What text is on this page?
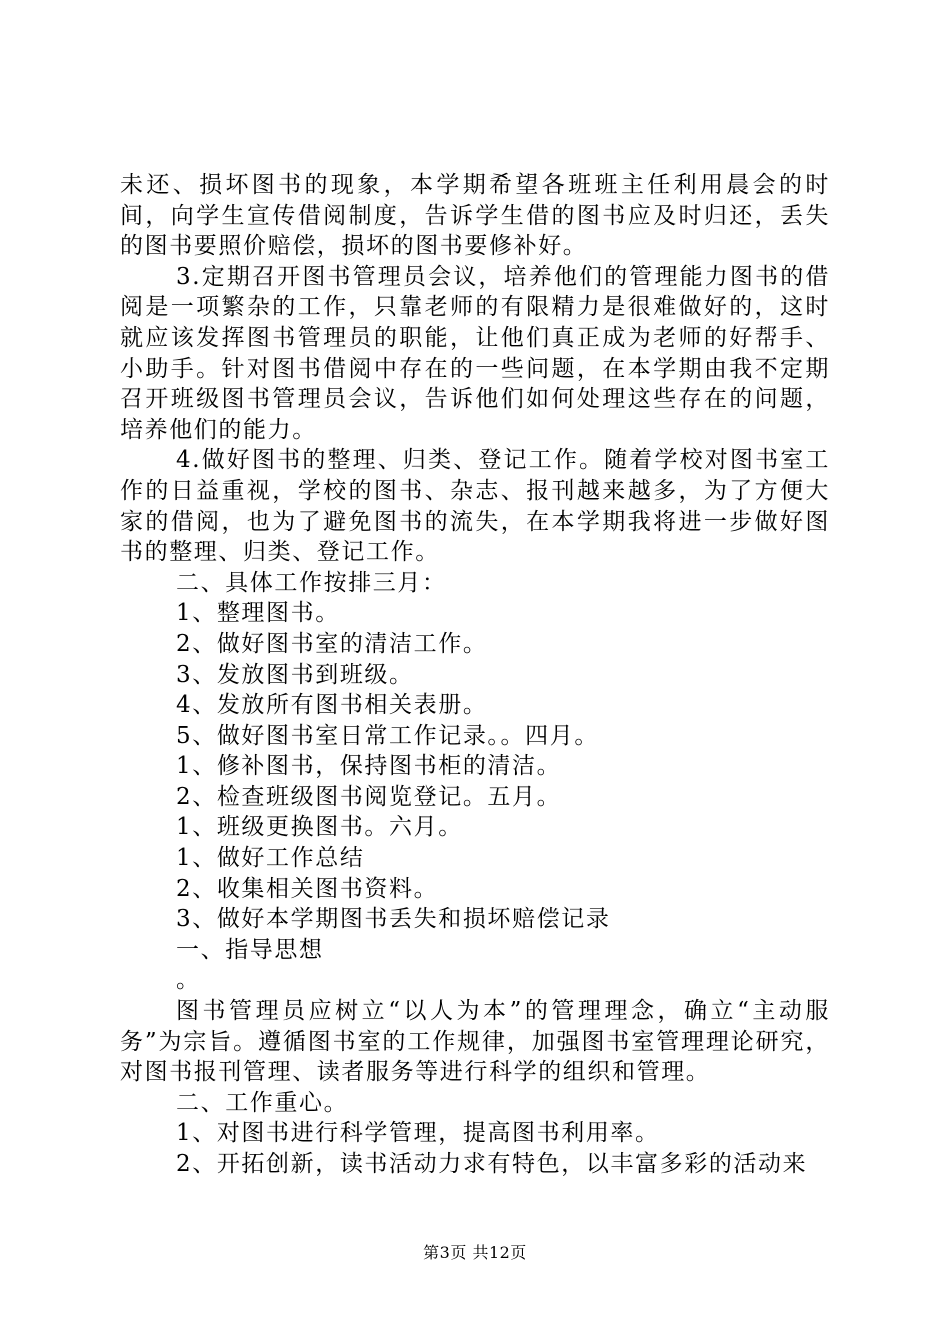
未还、损坏图书的现象，本学期希望各班班主任利用晨会的时间，向学生宣传借阅制度，告诉学生借的图书应及时归还，丢失的图书要照价赔偿，损坏的图书要修补好。

3.定期召开图书管理员会议，培养他们的管理能力图书的借阅是一项繁杂的工作，只靠老师的有限精力是很难做好的，这时就应该发挥图书管理员的职能，让他们真正成为老师的好帮手、小助手。针对图书借阅中存在的一些问题，在本学期由我不定期召开班级图书管理员会议，告诉他们如何处理这些存在的问题，培养他们的能力。

4.做好图书的整理、归类、登记工作。随着学校对图书室工作的日益重视，学校的图书、杂志、报刊越来越多，为了方便大家的借阅，也为了避免图书的流失，在本学期我将进一步做好图书的整理、归类、登记工作。

二、具体工作按排三月：

1、整理图书。

2、做好图书室的清洁工作。

3、发放图书到班级。

4、发放所有图书相关表册。

5、做好图书室日常工作记录。。四月。

1、修补图书，保持图书柜的清洁。

2、检查班级图书阅览登记。五月。

1、班级更换图书。六月。

1、做好工作总结

2、收集相关图书资料。

3、做好本学期图书丢失和损坏赔偿记录

一、指导思想

。

图书管理员应树立“以人为本”的管理理念，确立“主动服务”为宗旨。遵循图书室的工作规律，加强图书室管理理论研究，对图书报刊管理、读者服务等进行科学的组织和管理。

二、工作重心。

1、对图书进行科学管理，提高图书利用率。

2、开拓创新，读书活动力求有特色，以丰富多彩的活动来

第3页 共12页
